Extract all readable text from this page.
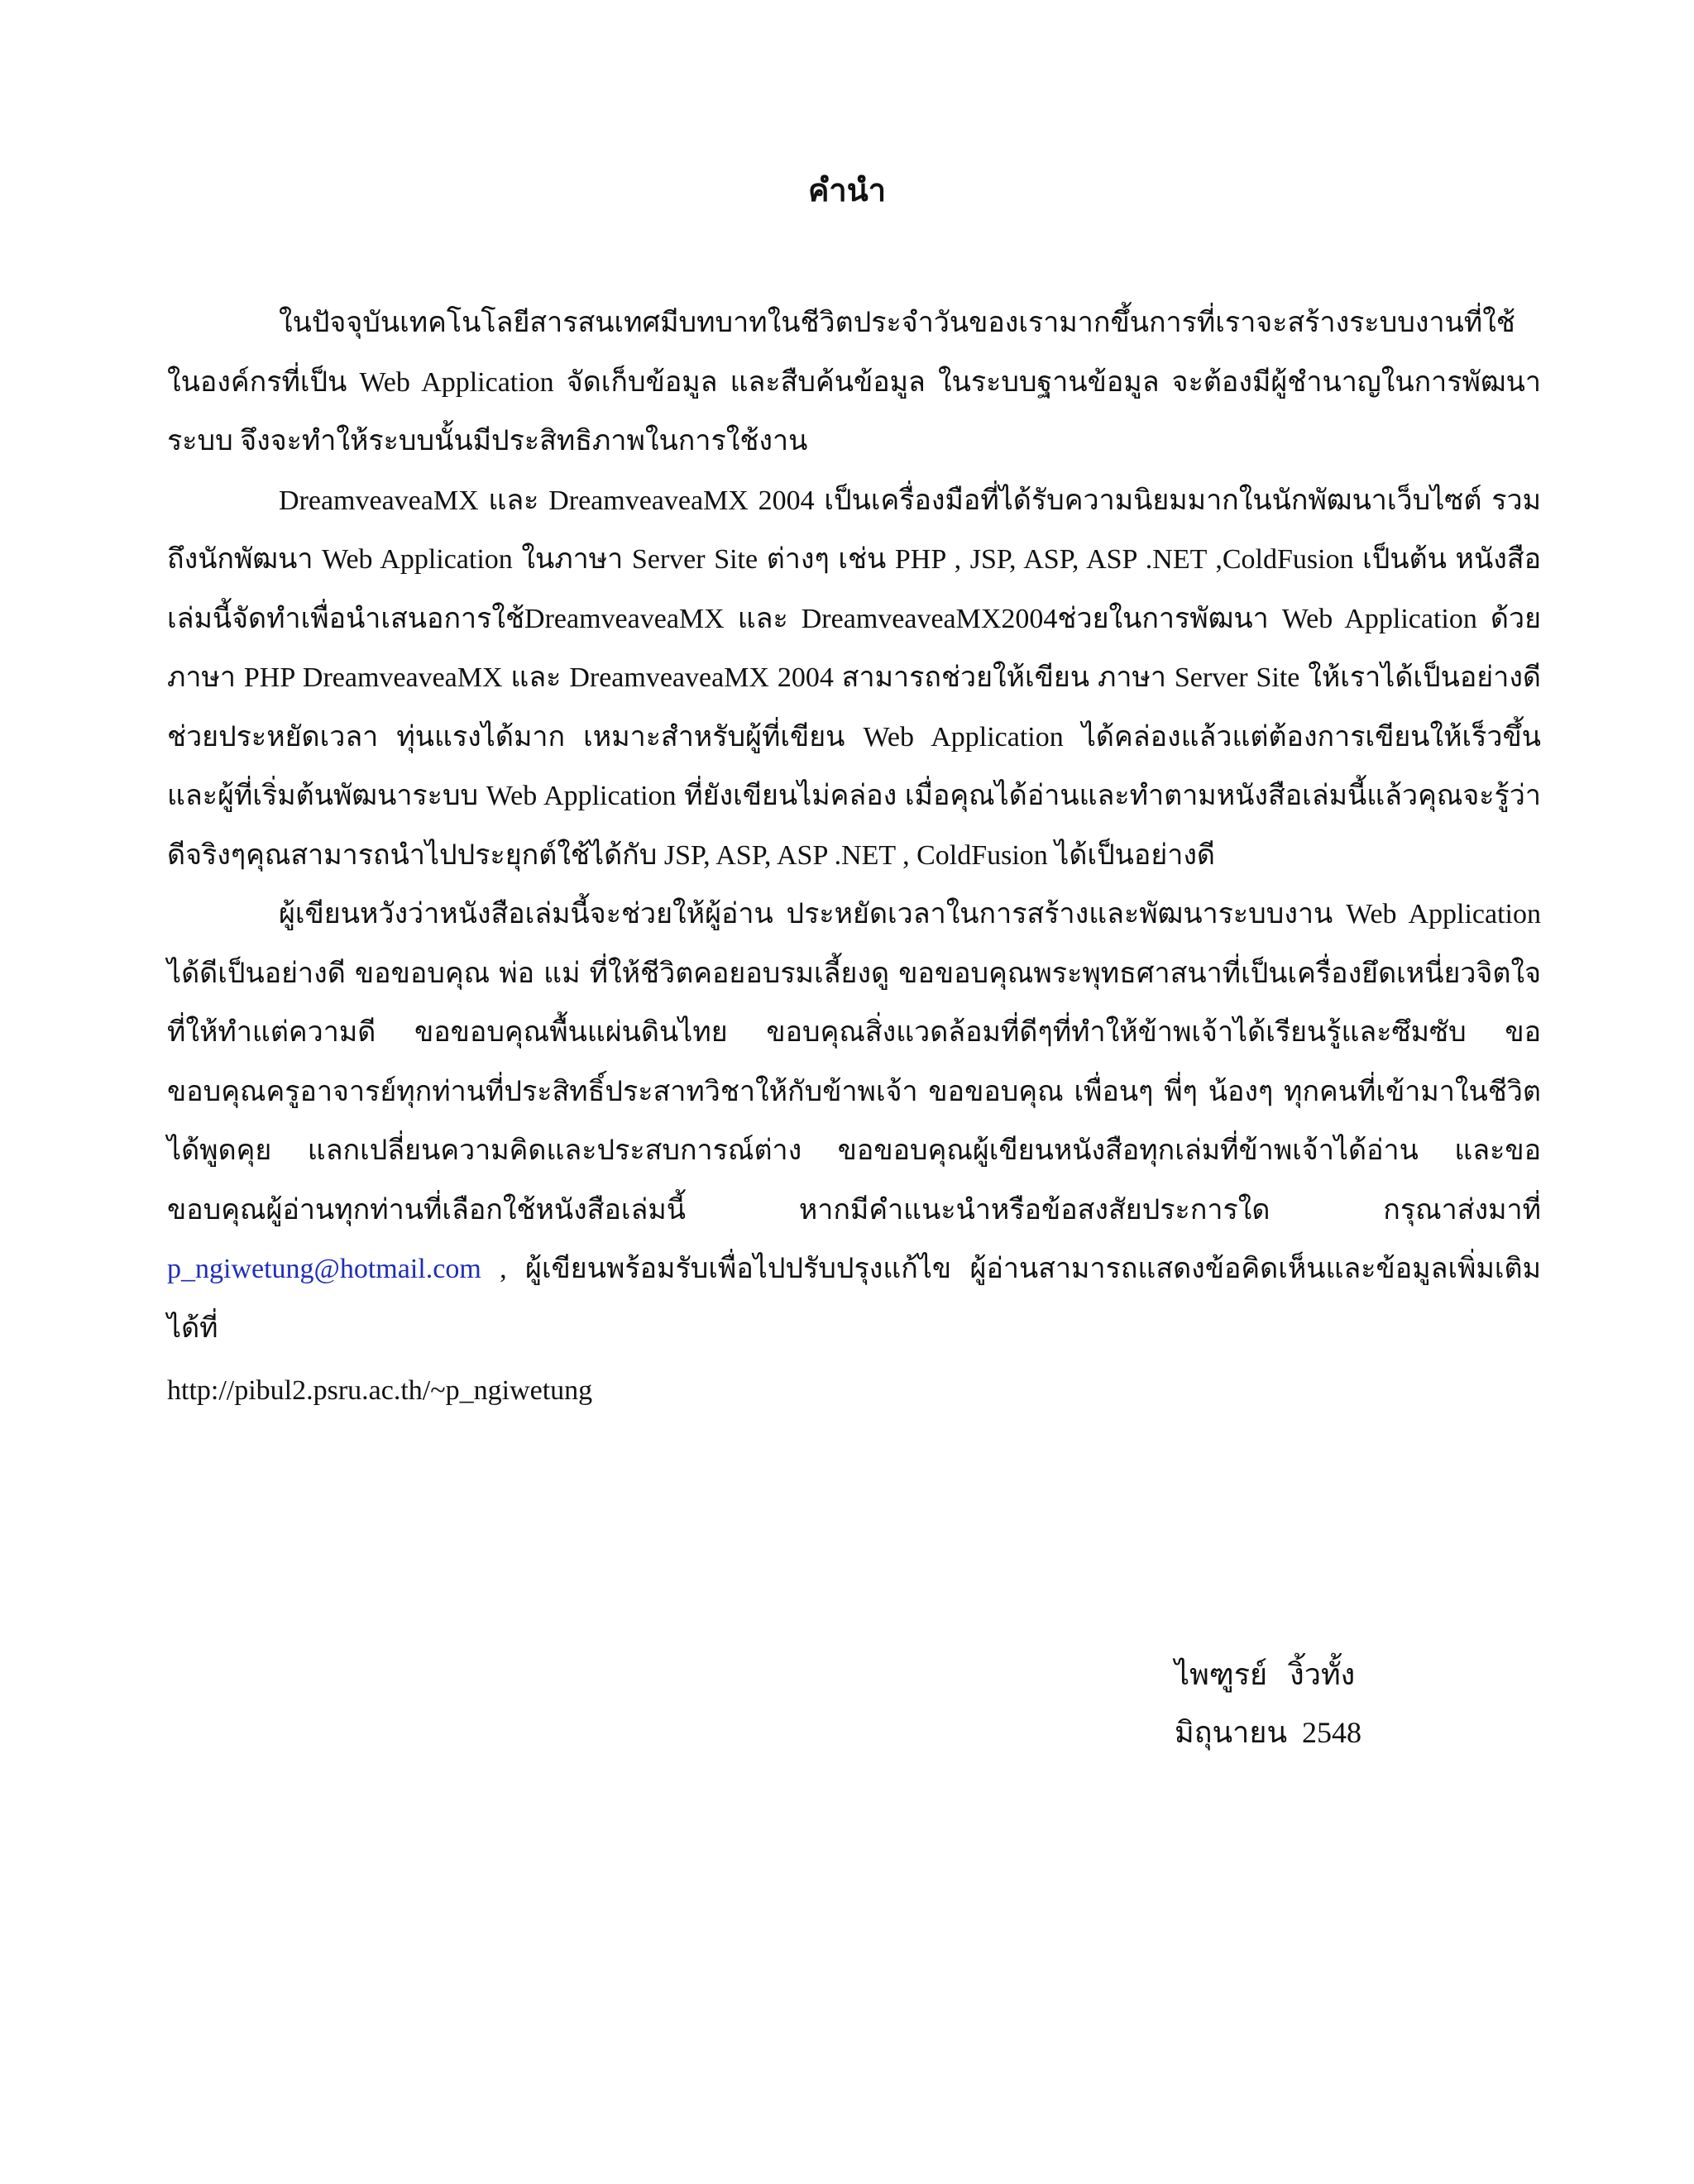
คำนำ

ในปัจจุบันเทคโนโลยีสารสนเทศมีบทบาทในชีวิตประจำวันของเรามากขึ้นการที่เราจะสร้างระบบงานที่ใช้ในองค์กรที่เป็น Web Application จัดเก็บข้อมูล และสืบค้นข้อมูล ในระบบฐานข้อมูล จะต้องมีผู้ชำนาญในการพัฒนาระบบ จึงจะทำให้ระบบนั้นมีประสิทธิภาพในการใช้งาน

DreamveaveaMX และ DreamveaveaMX 2004 เป็นเครื่องมือที่ได้รับความนิยมมากในนักพัฒนาเว็บไซต์ รวมถึงนักพัฒนา Web Application ในภาษา Server Site ต่างๆ เช่น PHP , JSP, ASP, ASP .NET ,ColdFusion เป็นต้น หนังสือเล่มนี้จัดทำเพื่อนำเสนอการใช้DreamveaveaMX และ DreamveaveaMX2004ช่วยในการพัฒนา Web Application ด้วยภาษา PHP DreamveaveaMX และ DreamveaveaMX 2004 สามารถช่วยให้เขียน ภาษา Server Site ให้เราได้เป็นอย่างดีช่วยประหยัดเวลา ทุ่นแรงได้มาก เหมาะสำหรับผู้ที่เขียน Web Application ได้คล่องแล้วแต่ต้องการเขียนให้เร็วขึ้น และผู้ที่เริ่มต้นพัฒนาระบบ Web Application ที่ยังเขียนไม่คล่อง เมื่อคุณได้อ่านและทำตามหนังสือเล่มนี้แล้วคุณจะรู้ว่าดีจริงๆคุณสามารถนำไปประยุกต์ใช้ได้กับ JSP, ASP, ASP .NET , ColdFusion ได้เป็นอย่างดี

ผู้เขียนหวังว่าหนังสือเล่มนี้จะช่วยให้ผู้อ่าน ประหยัดเวลาในการสร้างและพัฒนาระบบงาน Web Application ได้ดีเป็นอย่างดี ขอขอบคุณ พ่อ แม่ ที่ให้ชีวิตคอยอบรมเลี้ยงดู ขอขอบคุณพระพุทธศาสนาที่เป็นเครื่องยึดเหนี่ยวจิตใจที่ให้ทำแต่ความดี ขอขอบคุณพื้นแผ่นดินไทย ขอบคุณสิ่งแวดล้อมที่ดีๆที่ทำให้ข้าพเจ้าได้เรียนรู้และซึมซับ ขอขอบคุณครูอาจารย์ทุกท่านที่ประสิทธิ์ประสาทวิชาให้กับข้าพเจ้า ขอขอบคุณ เพื่อนๆ พี่ๆ น้องๆ ทุกคนที่เข้ามาในชีวิตได้พูดคุย แลกเปลี่ยนความคิดและประสบการณ์ต่าง ขอขอบคุณผู้เขียนหนังสือทุกเล่มที่ข้าพเจ้าได้อ่าน และขอขอบคุณผู้อ่านทุกท่านที่เลือกใช้หนังสือเล่มนี้ หากมีคำแนะนำหรือข้อสงสัยประการใด กรุณาส่งมาที่ p_ngiwetung@hotmail.com , ผู้เขียนพร้อมรับเพื่อไปปรับปรุงแก้ไข ผู้อ่านสามารถแสดงข้อคิดเห็นและข้อมูลเพิ่มเติมได้ที่

http://pibul2.psru.ac.th/~p_ngiwetung

ไพฑูรย์   งิ้วทั้ง
มิถุนายน  2548
